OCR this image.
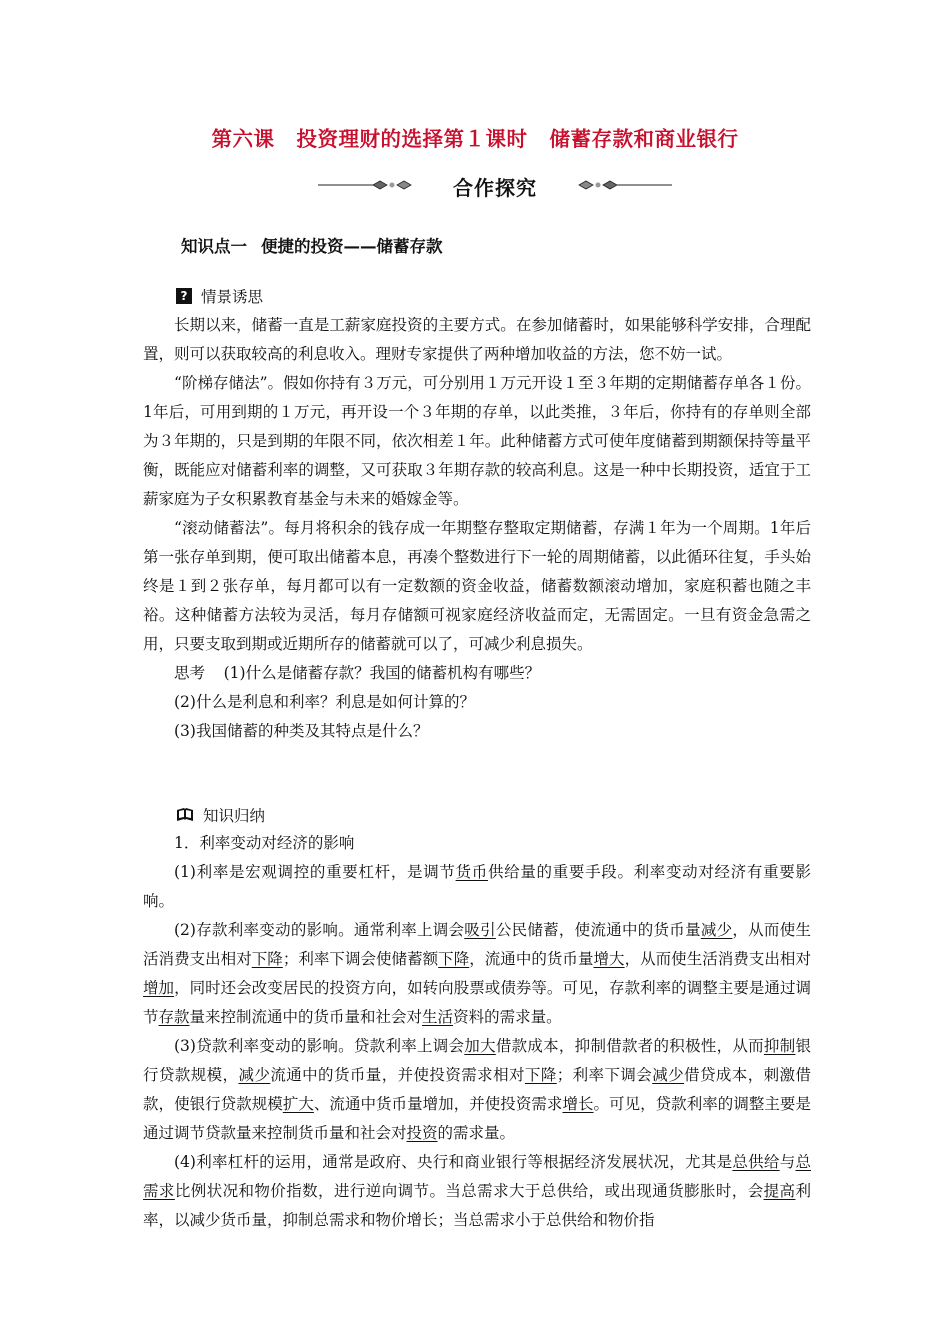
第六课 投资理财的选择第１课时 储蓄存款和商业银行
合作探究
知识点一 便捷的投资——储蓄存款
? 情景诱思

长期以来，储蓄一直是工薪家庭投资的主要方式。在参加储蓄时，如果能够科学安排，合理配置，则可以获取较高的利息收入。理财专家提供了两种增加收益的方法，您不妨一试。

“阶梯存储法”。假如你持有３万元，可分别用１万元开设１至３年期的定期储蓄存单各１份。1年后，可用到期的１万元，再开设一个３年期的存单，以此类推，３年后，你持有的存单则全部为３年期的，只是到期的年限不同，依次相差１年。此种储蓄方式可使年度储蓄到期额保持等量平衡，既能应对储蓄利率的调整，又可获取３年期存款的较高利息。这是一种中长期投资，适宜于工薪家庭为子女积累教育基金与未来的婚嫁金等。

“滚动储蓄法”。每月将积余的钱存成一年期整存整取定期储蓄，存满１年为一个周期。1年后第一张存单到期，便可取出储蓄本息，再凑个整数进行下一轮的周期储蓄，以此循环往复，手头始终是１到２张存单，每月都可以有一定数额的资金收益，储蓄数额滚动增加，家庭积蓄也随之丰裕。这种储蓄方法较为灵活，每月存储额可视家庭经济收益而定，无需固定。一旦有资金急需之用，只要支取到期或近期所存的储蓄就可以了，可减少利息损失。

思考 (1)什么是储蓄存款？我国的储蓄机构有哪些？

(2)什么是利息和利率？利息是如何计算的？

(3)我国储蓄的种类及其特点是什么？

知识归纳

1．利率变动对经济的影响

(1)利率是宏观调控的重要杠杆，是调节货币供给量的重要手段。利率变动对经济有重要影响。

(2)存款利率变动的影响。通常利率上调会吸引公民储蓄，使流通中的货币量减少，从而使生活消费支出相对下降；利率下调会使储蓄额下降，流通中的货币量增大，从而使生活消费支出相对增加，同时还会改变居民的投资方向，如转向股票或债券等。可见，存款利率的调整主要是通过调节存款量来控制流通中的货币量和社会对生活资料的需求量。

(3)贷款利率变动的影响。贷款利率上调会加大借款成本，抑制借款者的积极性，从而抑制银行贷款规模，减少流通中的货币量，并使投资需求相对下降；利率下调会减少借贷成本，刺激借款，使银行贷款规模扩大、流通中货币量增加，并使投资需求增长。可见，贷款利率的调整主要是通过调节贷款量来控制货币量和社会对投资的需求量。

(4)利率杠杆的运用，通常是政府、央行和商业银行等根据经济发展状况，尤其是总供给与总需求比例状况和物价指数，进行逆向调节。当总需求大于总供给，或出现通货膨胀时，会提高利率，以减少货币量，抑制总需求和物价增长；当总需求小于总供给和物价指
